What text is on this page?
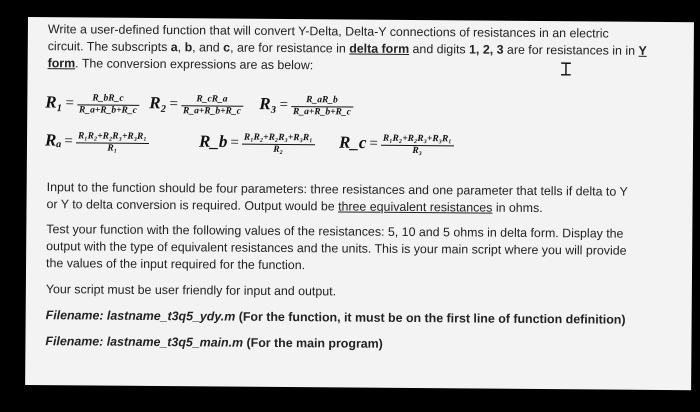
Write a user-defined function that will convert Y-Delta, Delta-Y connections of resistances in an electric
circuit. The subscripts a, b, and c, are for resistance in delta form and digits 1, 2, 3 are for resistances in in Y
form. The conversion expressions are as below:	⌶
$R_1 = \frac{R\_bR\_c}{R\_a+R\_b+R\_c} R_2 = \frac{R\_cR\_a}{R\_a+R\_b+R\_c} R_3 = \frac{R\_aR\_b}{R\_a+R\_b+R\_c}$
$R_a = \frac{\text{R₁R₂+R₂R₃+R₃R₁}}{\text{R₁}}$	R_b = $\frac{\text{R₁R₂+R₂R₃+R₃R₁}}{\text{R₂}}$ R_c = $\frac{\text{R₁R₂+R₂R₃+R₃R₁}}{\text{R₃}}$
Input to the function should be four parameters: three resistances and one parameter that tells if delta to Y
or Y to delta conversion is required. Output would be three equivalent resistances in ohms.
Test your function with the following values of the resistances: 5, 10 and 5 ohms in delta form. Display the
output with the type of equivalent resistances and the units. This is your main script where you will provide
the values of the input required for the function.
Your script must be user friendly for input and output.
Filename: lastname_t3q5_ydy.m (For the function, it must be on the first line of function definition)
Filename: lastname_t3q5_main.m (For the main program)
